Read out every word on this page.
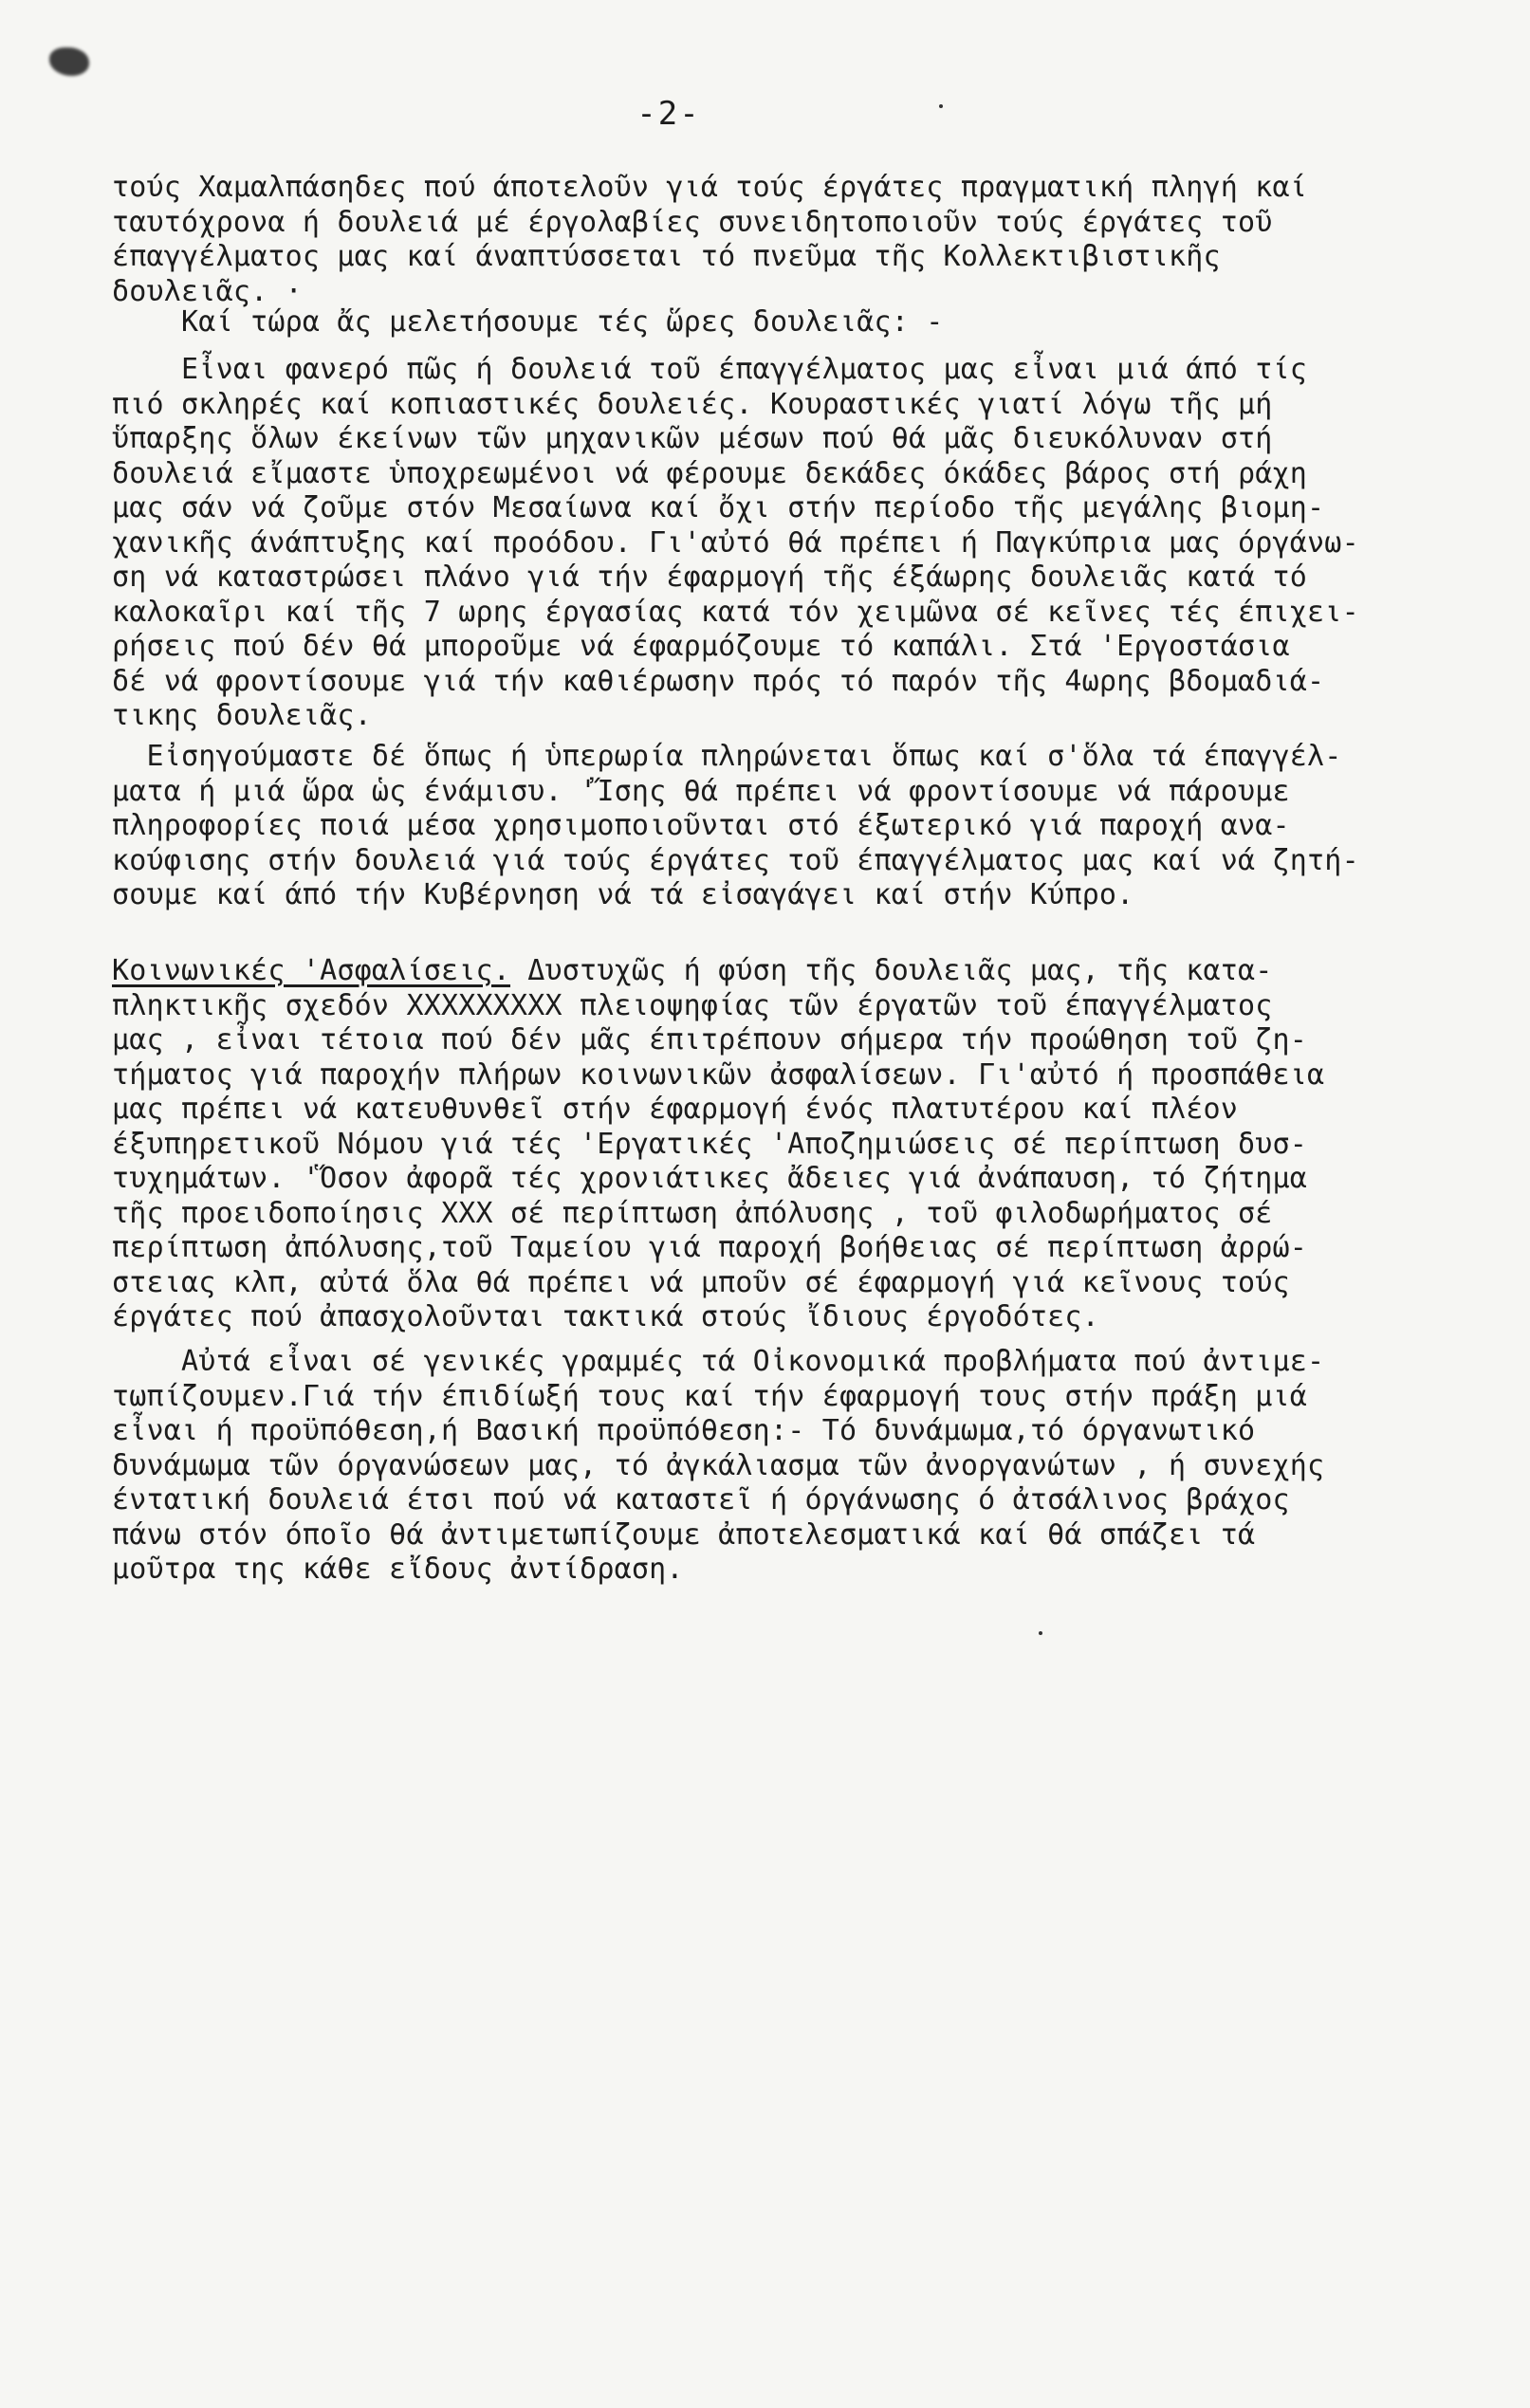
-2-
τούς Χαμαλπάσηδες πού άποτελοῦν γιά τούς έργάτες πραγματική πληγή καί
ταυτόχρονα ή δουλειά μέ έργολαβίες συνειδητοποιοῦν τούς έργάτες τοῦ
έπαγγέλματος μας καί άναπτύσσεται τό πνεῦμα τῆς Κολλεκτιβιστικῆς
δουλειᾶς. ·
Καί τώρα ἄς μελετήσουμε τές ὥρες δουλειᾶς: -
Εἶναι φανερό πῶς ή δουλειά τοῦ έπαγγέλματος μας εἶναι μιά άπό τίς
πιό σκληρές καί κοπιαστικές δουλειές. Κουραστικές γιατί λόγω τῆς μή
ὕπαρξης ὅλων έκείνων τῶν μηχανικῶν μέσων πού θά μᾶς διευκόλυναν στή
δουλειά εἴμαστε ὑποχρεωμένοι νά φέρουμε δεκάδες όκάδες βάρος στή ράχη
μας σάν νά ζοῦμε στόν Μεσαίωνα καί ὄχι στήν περίοδο τῆς μεγάλης βιομη-
χανικῆς άνάπτυξης καί προόδου. Γι'αὐτό θά πρέπει ή Παγκύπρια μας όργάνω-
ση νά καταστρώσει πλάνο γιά τήν έφαρμογή τῆς έξάωρης δουλειᾶς κατά τό
καλοκαῖρι καί τῆς 7 ωρης έργασίας κατά τόν χειμῶνα σέ κεῖνες τές έπιχει-
ρήσεις πού δέν θά μποροῦμε νά έφαρμόζουμε τό καπάλι. Στά 'Εργοστάσια
δέ νά φροντίσουμε γιά τήν καθιέρωσην πρός τό παρόν τῆς 4ωρης βδομαδιά-
τικης δουλειᾶς.
Εἰσηγούμαστε δέ ὅπως ή ὑπερωρία πληρώνεται ὅπως καί σ'ὅλα τά έπαγγέλ-
ματα ή μιά ὥρα ὡς ένάμισυ. 'Ἴσης θά πρέπει νά φροντίσουμε νά πάρουμε
πληροφορίες ποιά μέσα χρησιμοποιοῦνται στό έξωτερικό γιά παροχή ανα-
κούφισης στήν δουλειά γιά τούς έργάτες τοῦ έπαγγέλματος μας καί νά ζητή-
σουμε καί άπό τήν Κυβέρνηση νά τά εἰσαγάγει καί στήν Κύπρο.
Κοινωνικές 'Ασφαλίσεις. Δυστυχῶς ή φύση τῆς δουλειᾶς μας, τῆς κατα-
πληκτικῆς σχεδόν ΧΧΧΧΧΧΧΧΧ πλειοψηφίας τῶν έργατῶν τοῦ έπαγγέλματος
μας , εἶναι τέτοια πού δέν μᾶς έπιτρέπουν σήμερα τήν προώθηση τοῦ ζη-
τήματος γιά παροχήν πλήρων κοινωνικῶν ἀσφαλίσεων. Γι'αὐτό ή προσπάθεια
μας πρέπει νά κατευθυνθεῖ στήν έφαρμογή ένός πλατυτέρου καί πλέον
έξυπηρετικοῦ Νόμου γιά τές 'Εργατικές 'Αποζημιώσεις σέ περίπτωση δυσ-
τυχημάτων. 'Ὅσον ἀφορᾶ τές χρονιάτικες ἄδειες γιά ἀνάπαυση, τό ζήτημα
τῆς προειδοποίησις ΧΧΧ σέ περίπτωση ἀπόλυσης , τοῦ φιλοδωρήματος σέ
περίπτωση ἀπόλυσης,τοῦ Ταμείου γιά παροχή βοήθειας σέ περίπτωση ἀρρώ-
στειας κλπ, αὐτά ὅλα θά πρέπει νά μποῦν σέ έφαρμογή γιά κεῖνους τούς
έργάτες πού ἀπασχολοῦνται τακτικά στούς ἴδιους έργοδότες.
Αὐτά εἶναι σέ γενικές γραμμές τά Οἰκονομικά προβλήματα πού ἀντιμε-
τωπίζουμεν.Γιά τήν έπιδίωξή τους καί τήν έφαρμογή τους στήν πράξη μιά
εἶναι ή προϋπόθεση,ή Βασική προϋπόθεση:- Τό δυνάμωμα,τό όργανωτικό
δυνάμωμα τῶν όργανώσεων μας, τό ἀγκάλιασμα τῶν ἀνοργανώτων , ή συνεχής
έντατική δουλειά έτσι πού νά καταστεῖ ή όργάνωσης ό ἀτσάλινος βράχος
πάνω στόν όποῖο θά ἀντιμετωπίζουμε ἀποτελεσματικά καί θά σπάζει τά
μοῦτρα της κάθε εἴδους ἀντίδραση.
